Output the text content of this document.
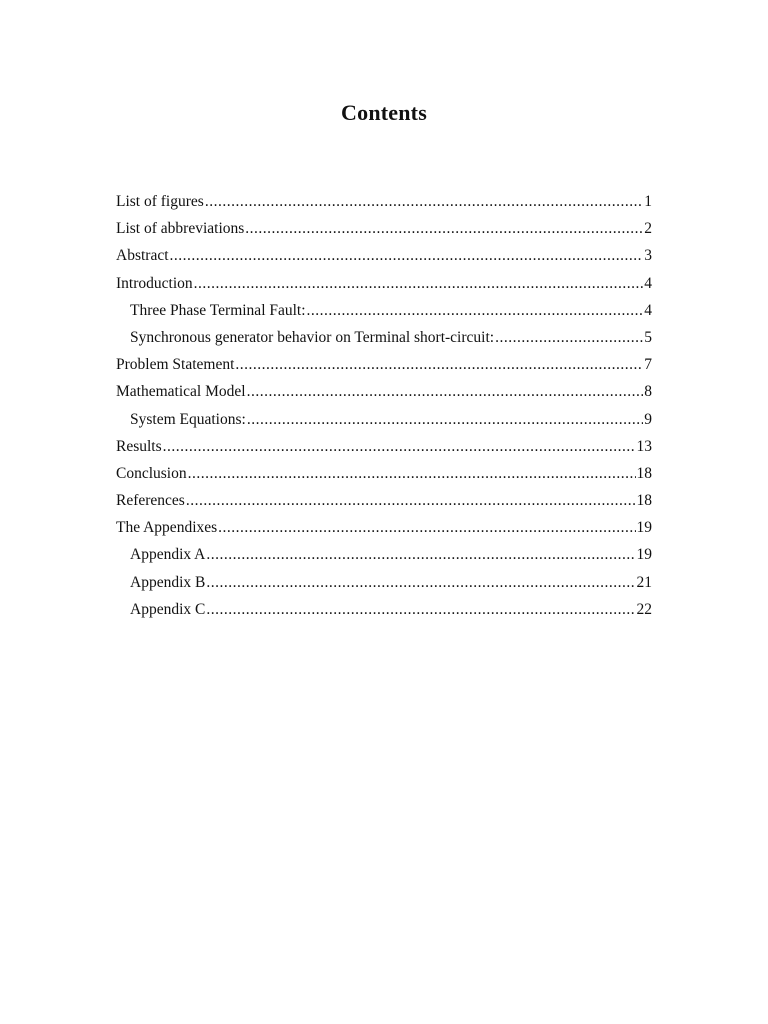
Contents
List of figures .....	1
List of abbreviations .....	2
Abstract .....	3
Introduction .....	4
Three Phase Terminal Fault: .....	4
Synchronous generator behavior on Terminal short-circuit: .....	5
Problem Statement .....	7
Mathematical Model .....	8
System Equations: .....	9
Results .....	13
Conclusion .....	18
References .....	18
The Appendixes .....	19
Appendix A .....	19
Appendix B .....	21
Appendix C .....	22
